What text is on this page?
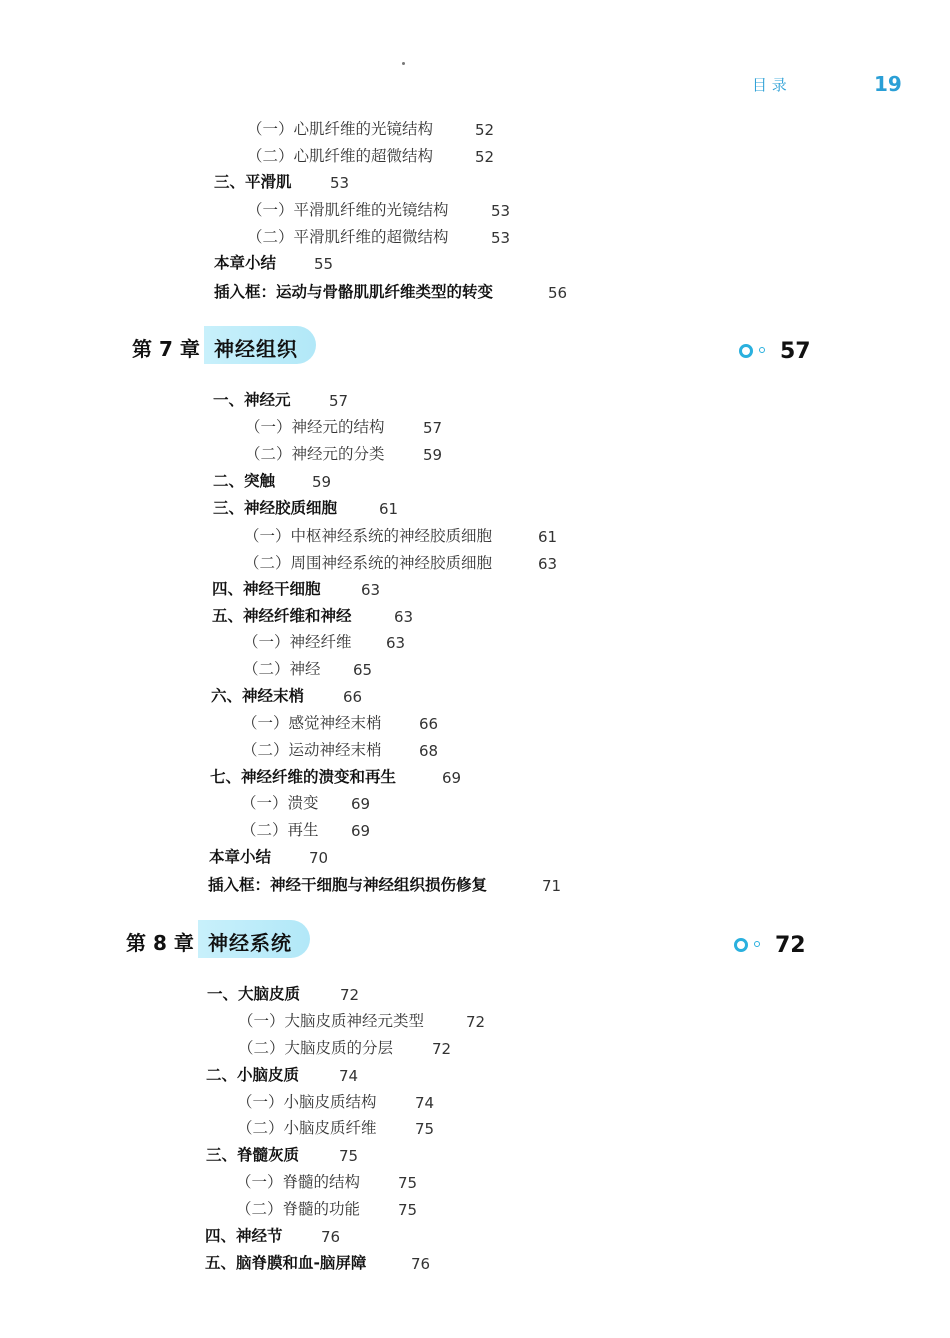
目 录	19
（一）心肌纤维的光镜结构	52
（二）心肌纤维的超微结构	52
三、平滑肌	53
（一）平滑肌纤维的光镜结构	53
（二）平滑肌纤维的超微结构	53
本章小结	55
插入框：运动与骨骼肌肌纤维类型的转变	56
第 7 章 神经组织	57
一、神经元	57
（一）神经元的结构	57
（二）神经元的分类	59
二、突触 59
三、神经胶质细胞	61
（一）中枢神经系统的神经胶质细胞	61
（二）周围神经系统的神经胶质细胞	63
四、神经干细胞	63
五、神经纤维和神经	63
（一）神经纤维 63
（二）神经 65
六、神经末梢	66
（一）感觉神经末梢 66
（二）运动神经末梢 68
七、神经纤维的溃变和再生	69
（一）溃变 69
（二）再生 69
本章小结	70
插入框：神经干细胞与神经组织损伤修复	71
第 8 章 神经系统	72
一、大脑皮质	72
（一）大脑皮质神经元类型	72
（二）大脑皮质的分层	72
二、小脑皮质	74
（一）小脑皮质结构	74
（二）小脑皮质纤维	75
三、脊髓灰质	75
（一）脊髓的结构	75
（二）脊髓的功能	75
四、神经节	76
五、脑脊膜和血-脑屏障	76
